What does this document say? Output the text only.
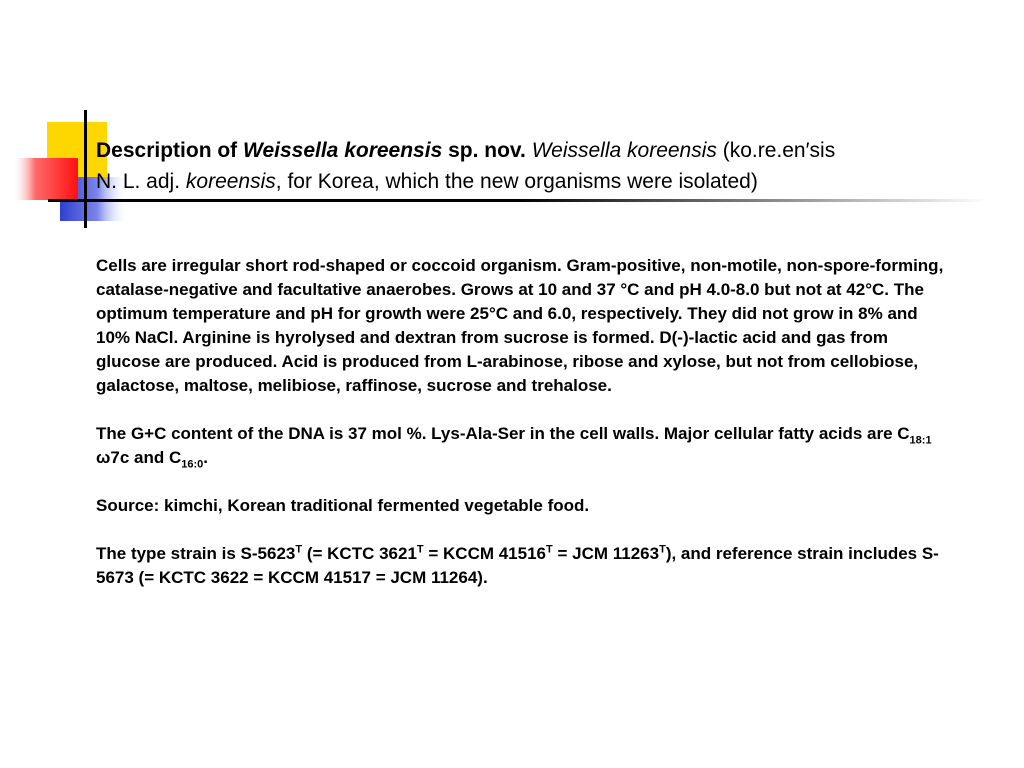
Description of Weissella koreensis sp. nov. Weissella koreensis (ko.re.en′sis
N. L. adj. koreensis, for Korea, which the new organisms were isolated)

Cells are irregular short rod-shaped or coccoid organism. Gram-positive, non-motile, non-spore-forming, catalase-negative and facultative anaerobes. Grows at 10 and 37 °C and pH 4.0-8.0 but not at 42°C. The optimum temperature and pH for growth were 25°C and 6.0, respectively. They did not grow in 8% and 10% NaCl. Arginine is hyrolysed and dextran from sucrose is formed. D(-)-lactic acid and gas from glucose are produced. Acid is produced from L-arabinose, ribose and xylose, but not from cellobiose, galactose, maltose, melibiose, raffinose, sucrose and trehalose.

The G+C content of the DNA is 37 mol %. Lys-Ala-Ser in the cell walls. Major cellular fatty acids are $C_{18:1}$ ω7c and $C_{16:0}$.

Source: kimchi, Korean traditional fermented vegetable food.

The type strain is $S-5623^T$ (= KCTC $3621^T$ = KCCM $41516^T$ = JCM $11263^T$), and reference strain includes S-5673 (= KCTC 3622 = KCCM 41517 = JCM 11264).
